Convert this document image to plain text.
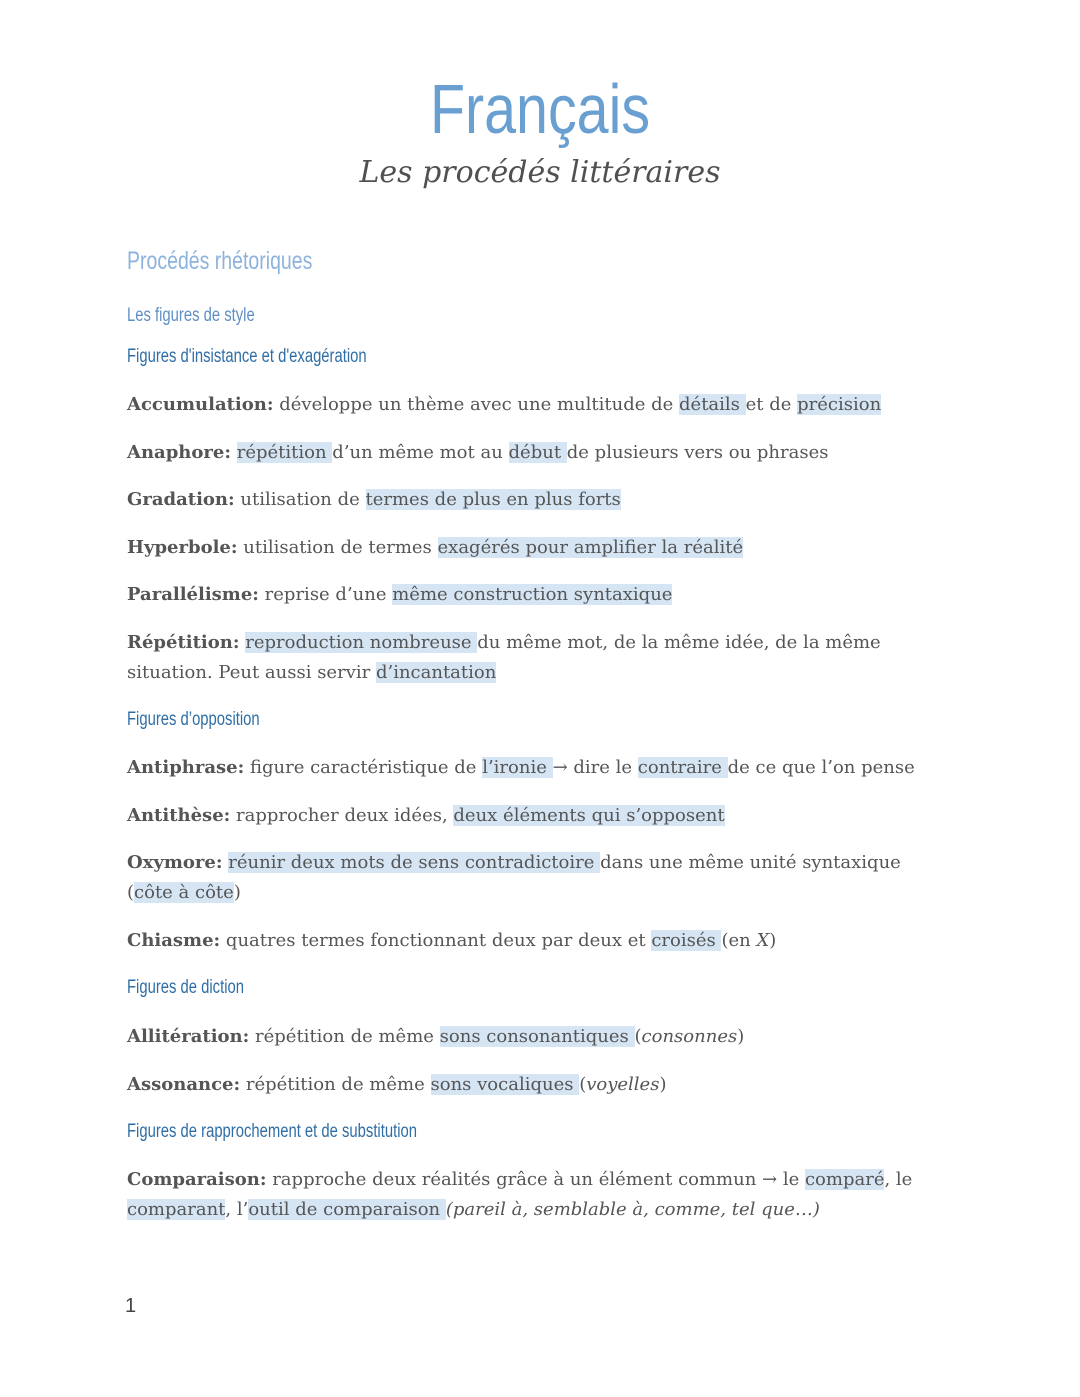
Français
Les procédés littéraires
Procédés rhétoriques
Les figures de style
Figures d'insistance et d'exagération
Accumulation: développe un thème avec une multitude de détails et de précision
Anaphore: répétition d’un même mot au début de plusieurs vers ou phrases
Gradation: utilisation de termes de plus en plus forts
Hyperbole: utilisation de termes exagérés pour amplifier la réalité
Parallélisme: reprise d’une même construction syntaxique
Répétition: reproduction nombreuse du même mot, de la même idée, de la même situation. Peut aussi servir d’incantation
Figures d’opposition
Antiphrase: figure caractéristique de l’ironie → dire le contraire de ce que l’on pense
Antithèse: rapprocher deux idées, deux éléments qui s’opposent
Oxymore: réunir deux mots de sens contradictoire dans une même unité syntaxique (côte à côte)
Chiasme: quatres termes fonctionnant deux par deux et croisés (en X)
Figures de diction
Allitération: répétition de même sons consonantiques (consonnes)
Assonance: répétition de même sons vocaliques (voyelles)
Figures de rapprochement et de substitution
Comparaison: rapproche deux réalités grâce à un élément commun → le comparé, le comparant, l’outil de comparaison (pareil à, semblable à, comme, tel que…)
1
